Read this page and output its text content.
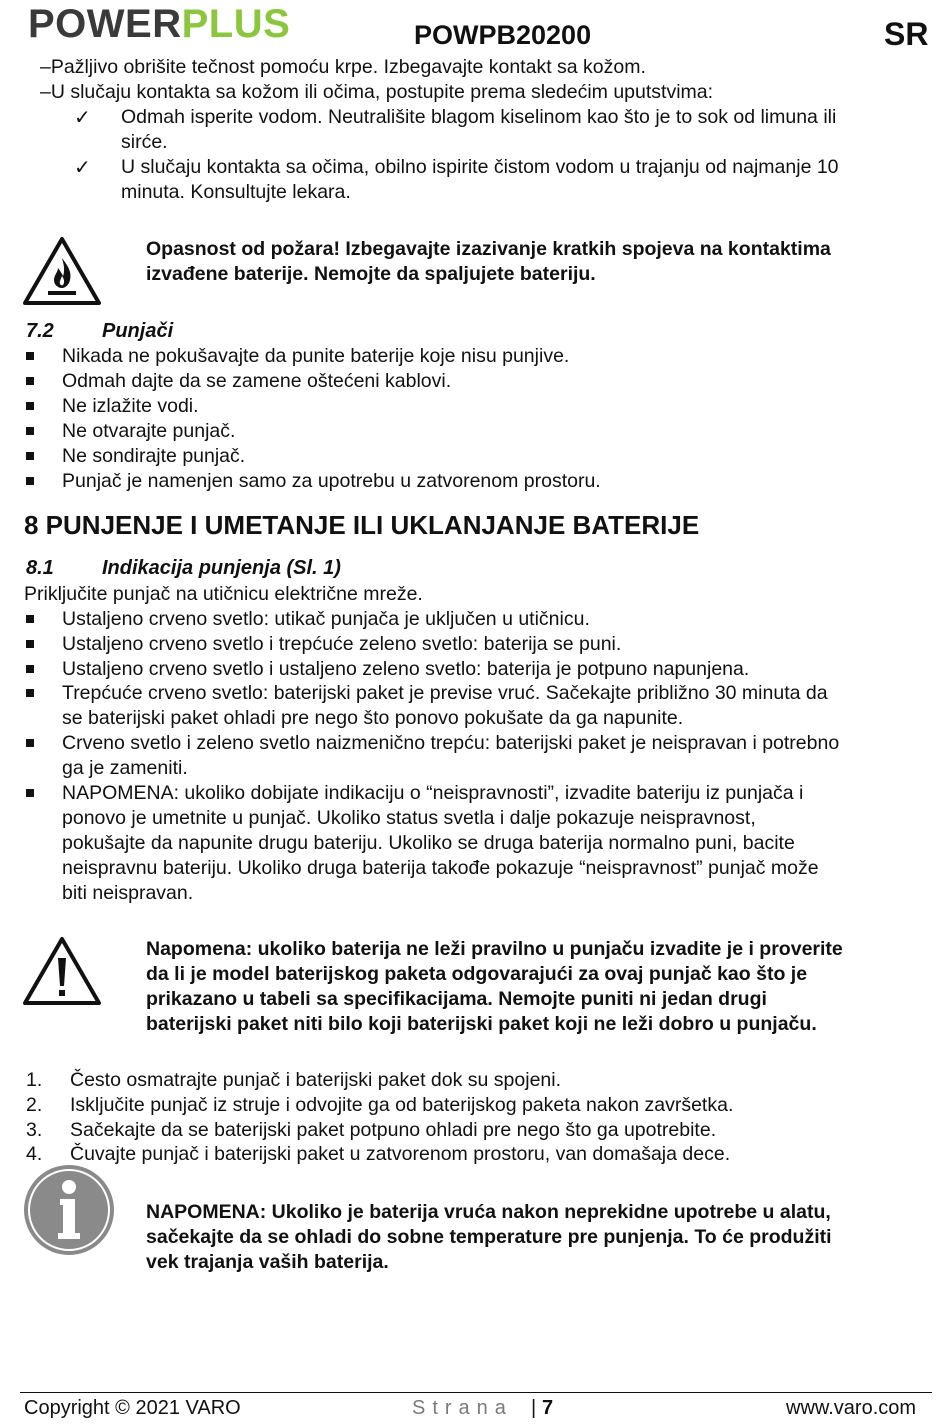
POWERPLUS	POWPB20200	SR
–Pažljivo obrišite tečnost pomoću krpe. Izbegavajte kontakt sa kožom.
–U slučaju kontakta sa kožom ili očima, postupite prema sledećim uputstvima:
✓ Odmah isperite vodom. Neutrališite blagom kiselinom kao što je to sok od limuna ili
sirće.
✓ U slučaju kontakta sa očima, obilno ispirite čistom vodom u trajanju od najmanje 10
minuta. Konsultujte lekara.
Opasnost od požara! Izbegavajte izazivanje kratkih spojeva na kontaktima
izvađene baterije. Nemojte da spaljujete bateriju.
7.2 Punjači
Nikada ne pokušavajte da punite baterije koje nisu punjive.
Odmah dajte da se zamene oštećeni kablovi.
Ne izlažite vodi.
Ne otvarajte punjač.
Ne sondirajte punjač.
Punjač je namenjen samo za upotrebu u zatvorenom prostoru.
8 PUNJENJE I UMETANJE ILI UKLANJANJE BATERIJE
8.1 Indikacija punjenja (Sl. 1)
Priključite punjač na utičnicu električne mreže.
Ustaljeno crveno svetlo: utikač punjača je uključen u utičnicu.
Ustaljeno crveno svetlo i trepćuće zeleno svetlo: baterija se puni.
Ustaljeno crveno svetlo i ustaljeno zeleno svetlo: baterija je potpuno napunjena.
Trepćuće crveno svetlo: baterijski paket je previse vruć. Sačekajte približno 30 minuta da
se baterijski paket ohladi pre nego što ponovo pokušate da ga napunite.
Crveno svetlo i zeleno svetlo naizmenično trepću: baterijski paket je neispravan i potrebno
ga je zameniti.
NAPOMENA: ukoliko dobijate indikaciju o “neispravnosti”, izvadite bateriju iz punjača i
ponovo je umetnite u punjač. Ukoliko status svetla i dalje pokazuje neispravnost,
pokušajte da napunite drugu bateriju. Ukoliko se druga baterija normalno puni, bacite
neispravnu bateriju. Ukoliko druga baterija takođe pokazuje “neispravnost” punjač može
biti neispravan.
Napomena: ukoliko baterija ne leži pravilno u punjaču izvadite je i proverite
da li je model baterijskog paketa odgovarajući za ovaj punjač kao što je
prikazano u tabeli sa specifikacijama. Nemojte puniti ni jedan drugi
baterijski paket niti bilo koji baterijski paket koji ne leži dobro u punjaču.
1. Često osmatrajte punjač i baterijski paket dok su spojeni.
2. Isključite punjač iz struje i odvojite ga od baterijskog paketa nakon završetka.
3. Sačekajte da se baterijski paket potpuno ohladi pre nego što ga upotrebite.
4. Čuvajte punjač i baterijski paket u zatvorenom prostoru, van domašaja dece.
NAPOMENA: Ukoliko je baterija vruća nakon neprekidne upotrebe u alatu,
sačekajte da se ohladi do sobne temperature pre punjenja. To će produžiti
vek trajanja vaših baterija.
Copyright © 2021 VARO	Strana | 7	www.varo.com
